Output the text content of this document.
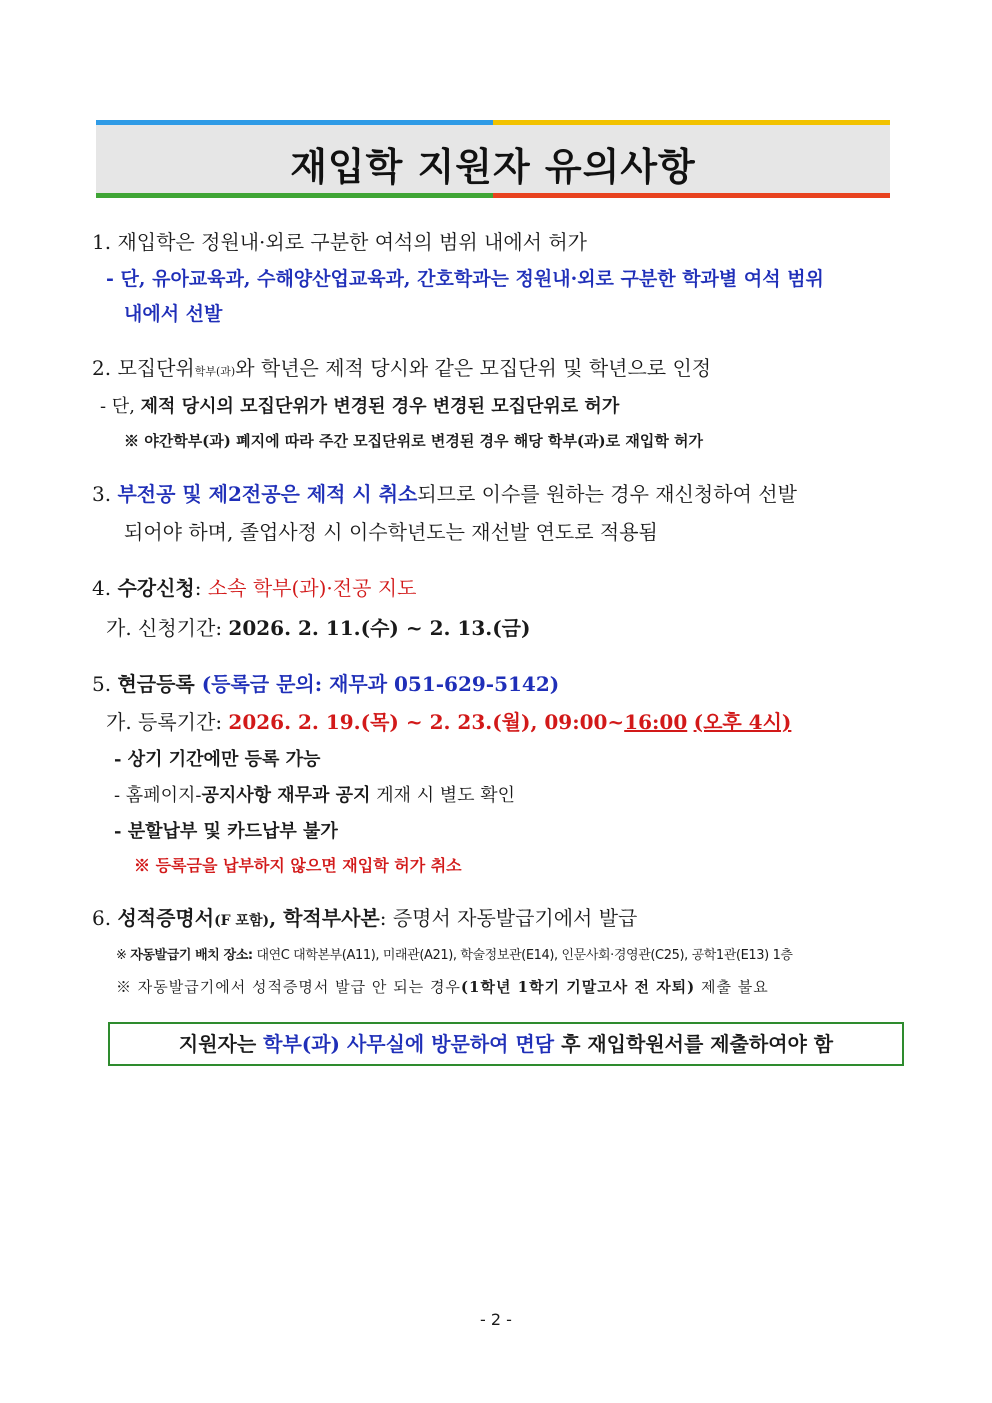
재입학 지원자 유의사항
1. 재입학은 정원내·외로 구분한 여석의 범위 내에서 허가
- 단, 유아교육과, 수해양산업교육과, 간호학과는 정원내·외로 구분한 학과별 여석 범위
내에서 선발
2. 모집단위학부(과)와 학년은 제적 당시와 같은 모집단위 및 학년으로 인정
- 단, 제적 당시의 모집단위가 변경된 경우 변경된 모집단위로 허가
※ 야간학부(과) 폐지에 따라 주간 모집단위로 변경된 경우 해당 학부(과)로 재입학 허가
3. 부전공 및 제2전공은 제적 시 취소되므로 이수를 원하는 경우 재신청하여 선발
되어야 하며, 졸업사정 시 이수학년도는 재선발 연도로 적용됨
4. 수강신청: 소속 학부(과)·전공 지도
가. 신청기간: 2026. 2. 11.(수) ~ 2. 13.(금)
5. 현금등록 (등록금 문의: 재무과 051-629-5142)
가. 등록기간: 2026. 2. 19.(목) ~ 2. 23.(월), 09:00~16:00 (오후 4시)
- 상기 기간에만 등록 가능
- 홈페이지-공지사항 재무과 공지 게재 시 별도 확인
- 분할납부 및 카드납부 불가
※ 등록금을 납부하지 않으면 재입학 허가 취소
6. 성적증명서(F 포함), 학적부사본: 증명서 자동발급기에서 발급
※ 자동발급기 배치 장소: 대연C 대학본부(A11), 미래관(A21), 학술정보관(E14), 인문사회·경영관(C25), 공학1관(E13) 1층
※ 자동발급기에서 성적증명서 발급 안 되는 경우(1학년 1학기 기말고사 전 자퇴) 제출 불요
지원자는 학부(과) 사무실에 방문하여 면담 후 재입학원서를 제출하여야 함
- 2 -
